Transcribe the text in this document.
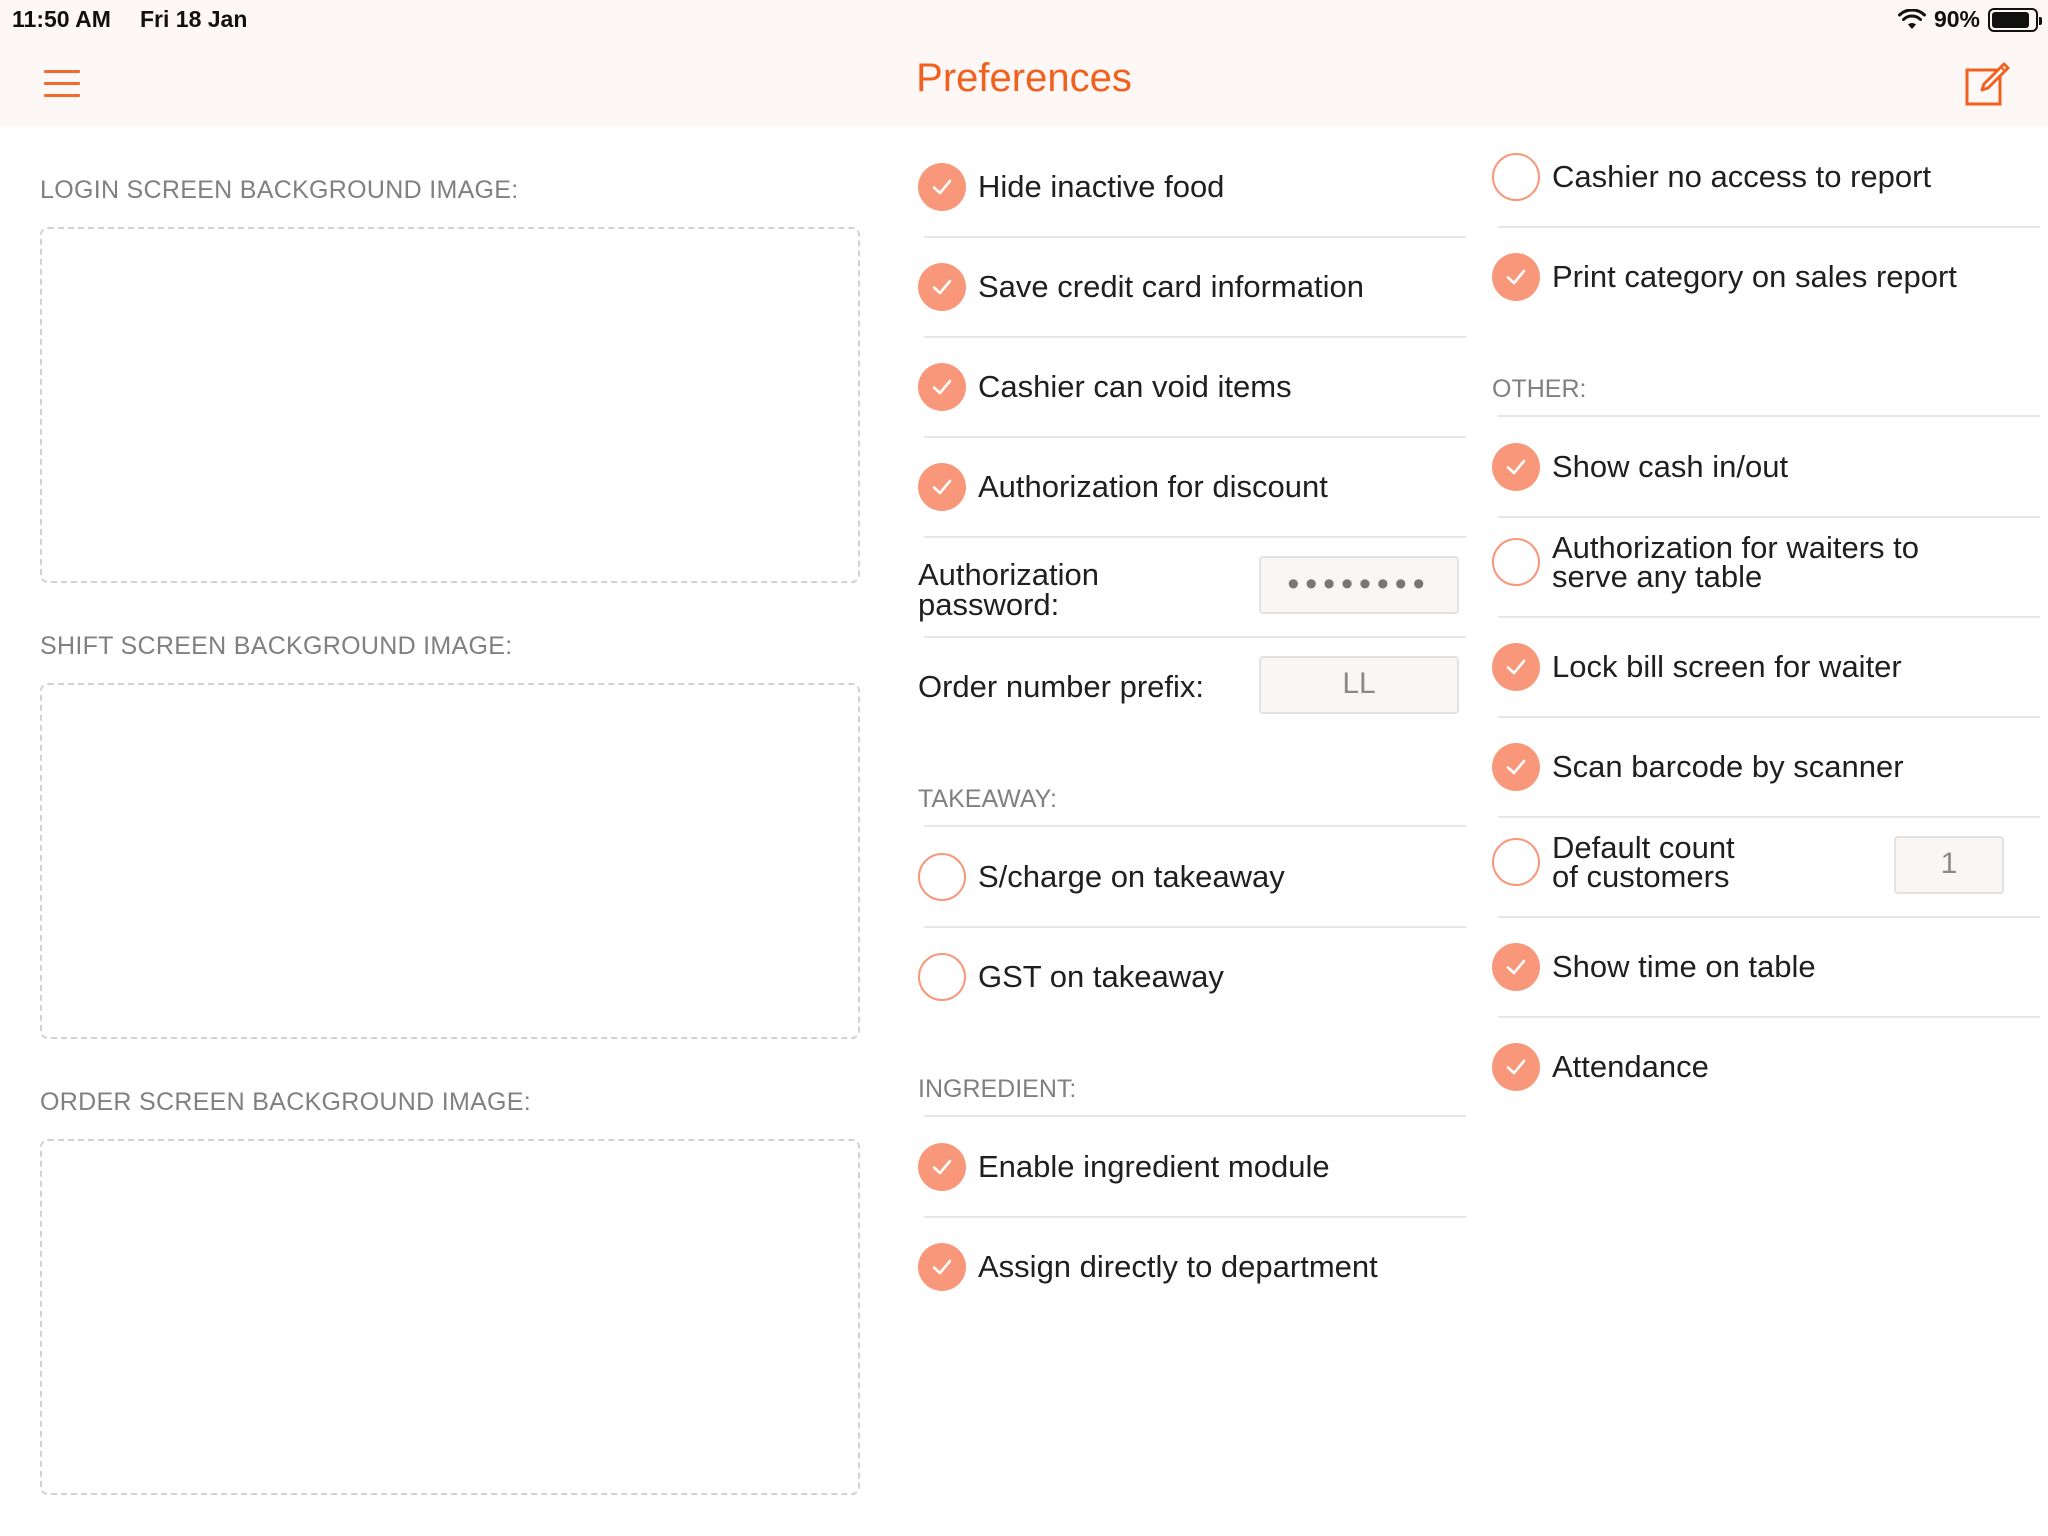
11:50 AM Fri 18 Jan	90%
Preferences
LOGIN SCREEN BACKGROUND IMAGE:
SHIFT SCREEN BACKGROUND IMAGE:
ORDER SCREEN BACKGROUND IMAGE:
Hide inactive food
Save credit card information
Cashier can void items
Authorization for discount
Authorization password:
••••••••
Order number prefix:	LL
TAKEAWAY:
S/charge on takeaway
GST on takeaway
INGREDIENT:
Enable ingredient module
Assign directly to department
Cashier no access to report
Print category on sales report
OTHER:
Show cash in/out
Authorization for waiters to serve any table
Lock bill screen for waiter
Scan barcode by scanner
Default count of customers	1
Show time on table
Attendance
